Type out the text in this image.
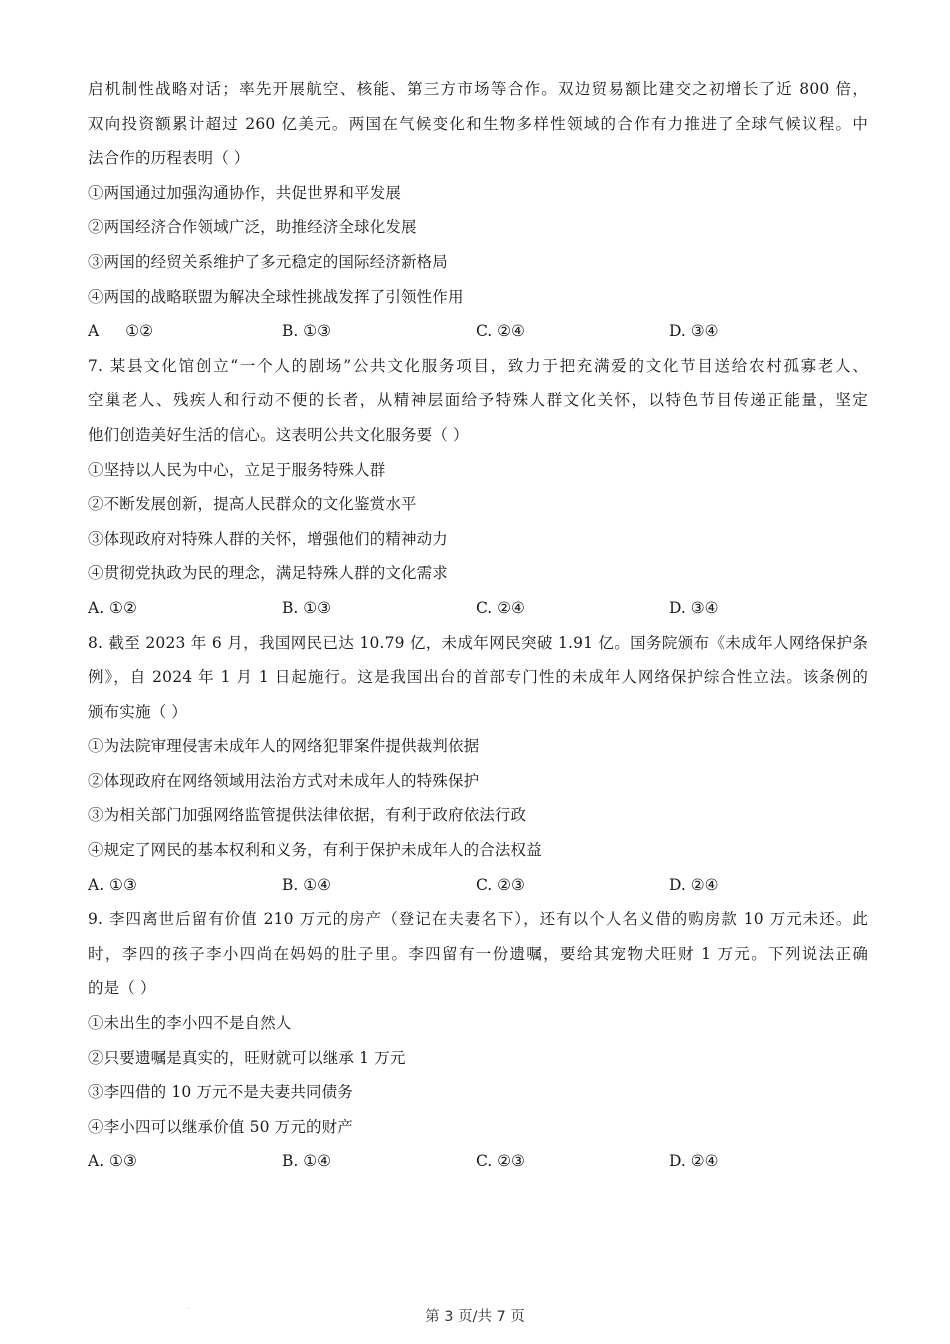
启机制性战略对话；率先开展航空、核能、第三方市场等合作。双边贸易额比建交之初增长了近 800 倍，
双向投资额累计超过 260 亿美元。两国在气候变化和生物多样性领域的合作有力推进了全球气候议程。中
法合作的历程表明（ ）
①两国通过加强沟通协作，共促世界和平发展
②两国经济合作领域广泛，助推经济全球化发展
③两国的经贸关系维护了多元稳定的国际经济新格局
④两国的战略联盟为解决全球性挑战发挥了引领性作用
A ①②	B. ①③	C. ②④	D. ③④
7. 某县文化馆创立“一个人的剧场”公共文化服务项目，致力于把充满爱的文化节目送给农村孤寡老人、
空巢老人、残疾人和行动不便的长者，从精神层面给予特殊人群文化关怀，以特色节目传递正能量，坚定
他们创造美好生活的信心。这表明公共文化服务要（ ）
①坚持以人民为中心，立足于服务特殊人群
②不断发展创新，提高人民群众的文化鉴赏水平
③体现政府对特殊人群的关怀，增强他们的精神动力
④贯彻党执政为民的理念，满足特殊人群的文化需求
A. ①②	B. ①③	C. ②④	D. ③④
8. 截至 2023 年 6 月，我国网民已达 10.79 亿，未成年网民突破 1.91 亿。国务院颁布《未成年人网络保护条
例》，自 2024 年 1 月 1 日起施行。这是我国出台的首部专门性的未成年人网络保护综合性立法。该条例的
颁布实施（ ）
①为法院审理侵害未成年人的网络犯罪案件提供裁判依据
②体现政府在网络领域用法治方式对未成年人的特殊保护
③为相关部门加强网络监管提供法律依据，有利于政府依法行政
④规定了网民的基本权利和义务，有利于保护未成年人的合法权益
A. ①③	B. ①④	C. ②③	D. ②④
9. 李四离世后留有价值 210 万元的房产（登记在夫妻名下），还有以个人名义借的购房款 10 万元未还。此
时，李四的孩子李小四尚在妈妈的肚子里。李四留有一份遗嘱，要给其宠物犬旺财 1 万元。下列说法正确
的是（ ）
①未出生的李小四不是自然人
②只要遗嘱是真实的，旺财就可以继承 1 万元
③李四借的 10 万元不是夫妻共同债务
④李小四可以继承价值 50 万元的财产
A. ①③	B. ①④	C. ②③	D. ②④
第 3 页/共 7 页
